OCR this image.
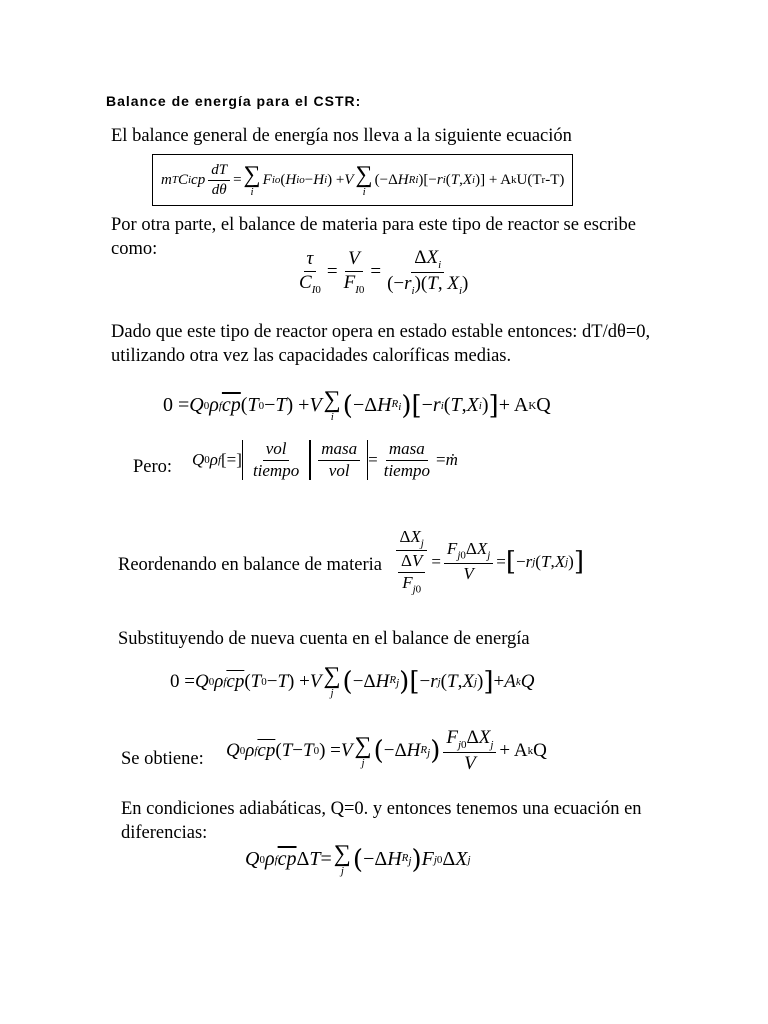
Balance de energía para el CSTR:
El balance general de energía nos lleva a la siguiente ecuación
m T C i cp $\frac{dT}{d\theta}$ = ∑
i
F io ( H io − H i ) + V ∑
i
(−Δ H Ri )[− r i ( T , X i )] + A k U(T r -T)
Por otra parte, el balance de materia para este tipo de reactor se escribe
como:	$\frac{\tau}{C_{I0}} = \frac{V}{F_{I0}} = \frac{\Delta X_i}{(-r_i)(T, X_i)}$
Dado que este tipo de reactor opera en estado estable entonces: dT/dθ=0,
utilizando otra vez las capacidades caloríficas medias.
0 = Q 0 ρ f $\overline{cp}$ ( T 0 − T ) + V ∑
i ( −Δ H $R_i$ ) [ − r i ( T , X i ) ] + A K Q
Pero: Q 0 ρ f [=] $\frac{\text{vol}}{\text{tiempo}} \frac{\text{masa}}{\text{vol}} = \frac{\text{masa}}{\text{tiempo}}$ = ṁ
Reordenando en balance de materia $\frac{\Delta X_j}{\frac{\Delta V}{F_{j0}}} = \frac{F_{j0}\Delta X_j}{V}$ = [ − r j ( T , X j ) ]
Substituyendo de nueva cuenta en el balance de energía
0 = Q 0 ρ f $\overline{cp}$ ( T 0 − T ) + V ∑
j ( −Δ H $R_j$ ) [ − r j ( T , X j ) ] + A k Q
Se obtiene: Q 0 ρ f $\overline{cp}$ ( T − T 0 ) = V ∑
j ( −Δ H $R_j$ ) $\frac{F_{j0}\Delta X_j}{V} + A$ k Q
En condiciones adiabáticas, Q=0. y entonces tenemos una ecuación en
diferencias:
Q 0 ρ f $\overline{cp}$ Δ T = ∑
j ( −Δ H $R_j$ ) F j0 Δ X j
